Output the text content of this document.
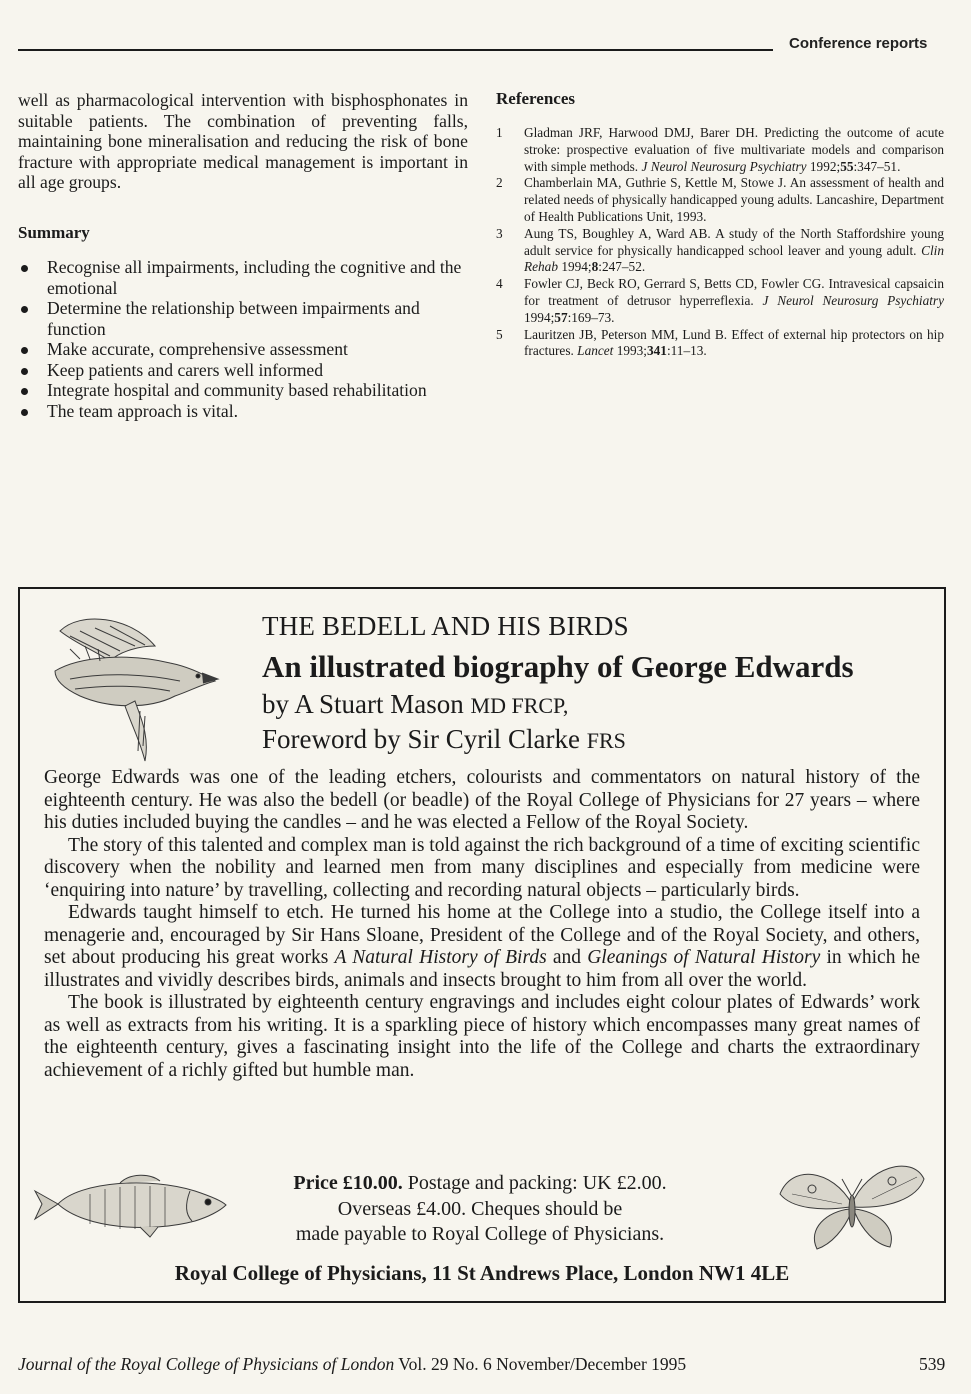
Conference reports

well as pharmacological intervention with bisphosphonates in suitable patients. The combination of preventing falls, maintaining bone mineralisation and reducing the risk of bone fracture with appropriate medical management is important in all age groups.

Summary
Recognise all impairments, including the cognitive and the emotional
Determine the relationship between impairments and function
Make accurate, comprehensive assessment
Keep patients and carers well informed
Integrate hospital and community based rehabilitation
The team approach is vital.
References
1 Gladman JRF, Harwood DMJ, Barer DH. Predicting the outcome of acute stroke: prospective evaluation of five multivariate models and comparison with simple methods. J Neurol Neurosurg Psychiatry 1992;55:347–51.
2 Chamberlain MA, Guthrie S, Kettle M, Stowe J. An assessment of health and related needs of physically handicapped young adults. Lancashire, Department of Health Publications Unit, 1993.
3 Aung TS, Boughley A, Ward AB. A study of the North Staffordshire young adult service for physically handicapped school leaver and young adult. Clin Rehab 1994;8:247–52.
4 Fowler CJ, Beck RO, Gerrard S, Betts CD, Fowler CG. Intravesical capsaicin for treatment of detrusor hyperreflexia. J Neurol Neurosurg Psychiatry 1994;57:169–73.
5 Lauritzen JB, Peterson MM, Lund B. Effect of external hip protectors on hip fractures. Lancet 1993;341:11–13.
THE BEDELL AND HIS BIRDS
An illustrated biography of George Edwards
by A Stuart Mason MD FRCP,
Foreword by Sir Cyril Clarke FRS

George Edwards was one of the leading etchers, colourists and commentators on natural history of the eighteenth century. He was also the bedell (or beadle) of the Royal College of Physicians for 27 years – where his duties included buying the candles – and he was elected a Fellow of the Royal Society.

The story of this talented and complex man is told against the rich background of a time of exciting scientific discovery when the nobility and learned men from many disciplines and especially from medicine were ‘enquiring into nature’ by travelling, collecting and recording natural objects – particularly birds.

Edwards taught himself to etch. He turned his home at the College into a studio, the College itself into a menagerie and, encouraged by Sir Hans Sloane, President of the College and of the Royal Society, and others, set about producing his great works A Natural History of Birds and Gleanings of Natural History in which he illustrates and vividly describes birds, animals and insects brought to him from all over the world.

The book is illustrated by eighteenth century engravings and includes eight colour plates of Edwards’ work as well as extracts from his writing. It is a sparkling piece of history which encompasses many great names of the eighteenth century, gives a fascinating insight into the life of the College and charts the extraordinary achievement of a richly gifted but humble man.

Price £10.00. Postage and packing: UK £2.00.
Overseas £4.00. Cheques should be
made payable to Royal College of Physicians.
Royal College of Physicians, 11 St Andrews Place, London NW1 4LE
Journal of the Royal College of Physicians of London Vol. 29 No. 6 November/December 1995	539
